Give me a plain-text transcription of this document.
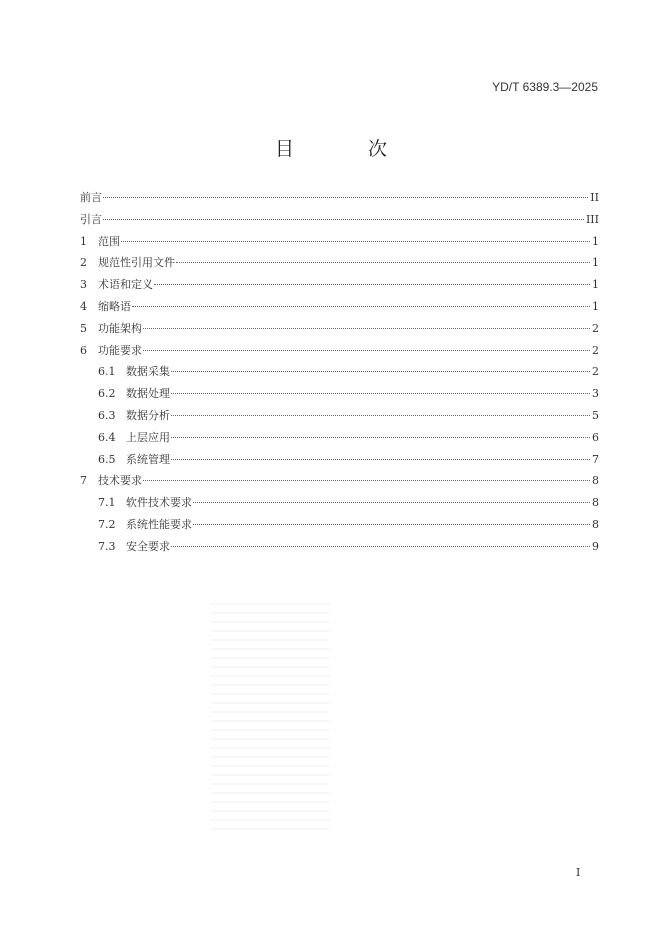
YD/T 6389.3—2025
目 次
前言	II
引言	III
1	范围	1
2	规范性引用文件	1
3	术语和定义	1
4	缩略语	1
5	功能架构	2
6	功能要求	2
6.1 数据采集	2
6.2 数据处理	3
6.3 数据分析	5
6.4 上层应用	6
6.5 系统管理	7
7	技术要求	8
7.1 软件技术要求	8
7.2 系统性能要求	8
7.3 安全要求	9
I
